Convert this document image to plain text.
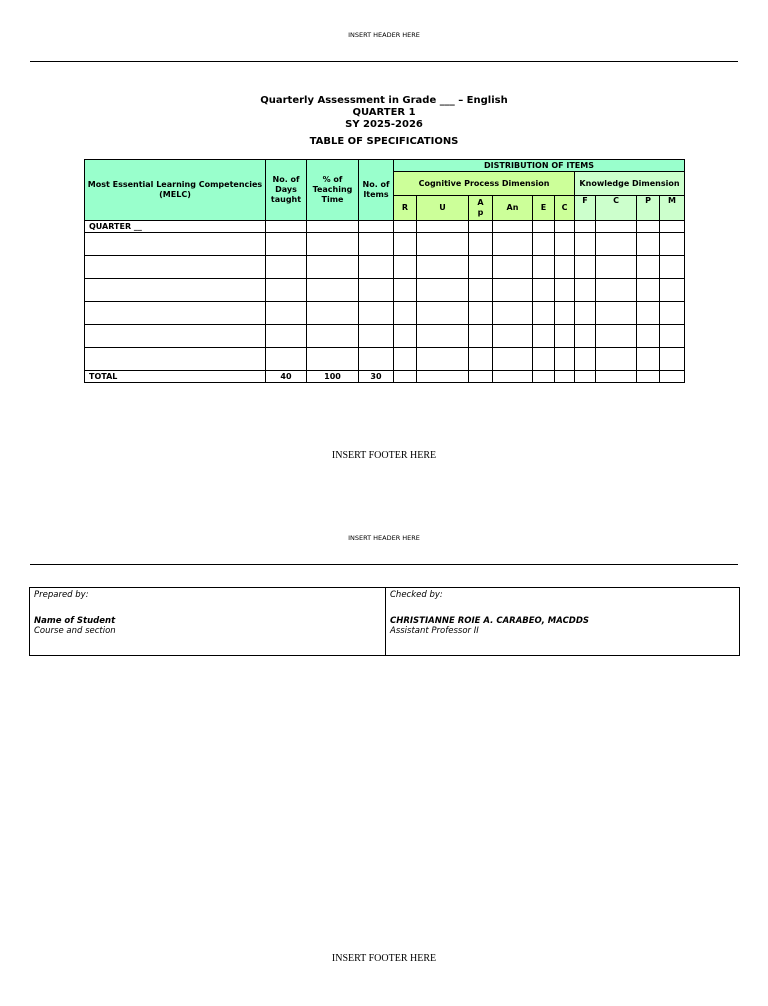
INSERT HEADER HERE
Quarterly Assessment in Grade ___ – English
QUARTER 1
SY 2025-2026
TABLE OF SPECIFICATIONS
Most Essential Learning Competencies (MELC)	No. of Days taught	% of Teaching Time	No. of Items	DISTRIBUTION OF ITEMS									
				Cognitive Process Dimension						Knowledge Dimension			
				R	U	A p	An	E	C	F	C	P	M
QUARTER __													

TOTAL	40	100	30										
INSERT FOOTER HERE
INSERT HEADER HERE
Prepared by:
Name of Student
Course and section	
Checked by:
CHRISTIANNE ROIE A. CARABEO, MACDDS
Assistant Professor II
INSERT FOOTER HERE
